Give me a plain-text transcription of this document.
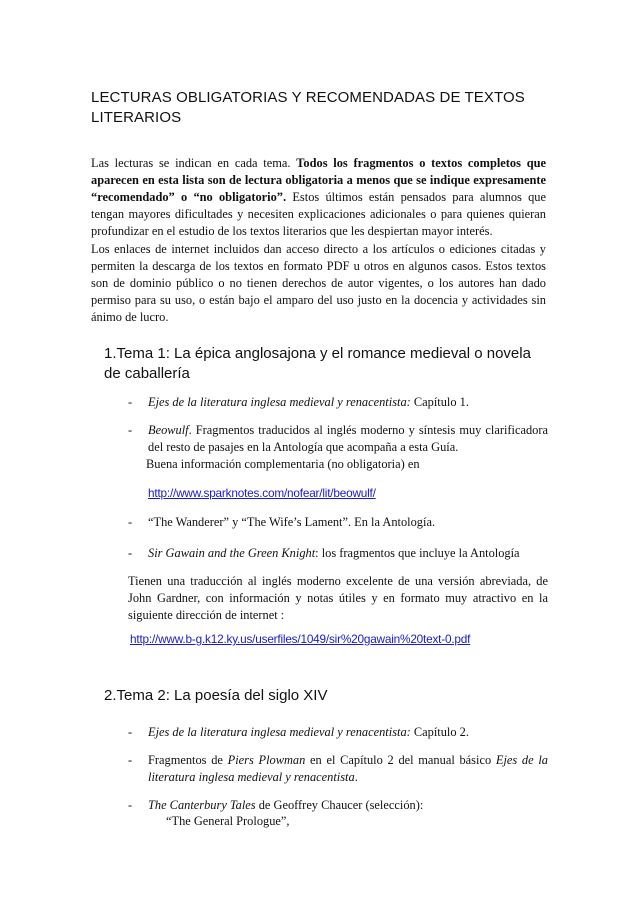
LECTURAS OBLIGATORIAS Y RECOMENDADAS DE TEXTOS LITERARIOS
Las lecturas se indican en cada tema. Todos los fragmentos o textos completos que aparecen en esta lista son de lectura obligatoria a menos que se indique expresamente “recomendado” o “no obligatorio”. Estos últimos están pensados para alumnos que tengan mayores dificultades y necesiten explicaciones adicionales o para quienes quieran profundizar en el estudio de los textos literarios que les despiertan mayor interés.
Los enlaces de internet incluidos dan acceso directo a los artículos o ediciones citadas y permiten la descarga de los textos en formato PDF u otros en algunos casos. Estos textos son de dominio público o no tienen derechos de autor vigentes, o los autores han dado permiso para su uso, o están bajo el amparo del uso justo en la docencia y actividades sin ánimo de lucro.
1.Tema 1: La épica anglosajona y el romance medieval o novela de caballería
- Ejes de la literatura inglesa medieval y renacentista: Capítulo 1.
- Beowulf. Fragmentos traducidos al inglés moderno y síntesis muy clarificadora del resto de pasajes en la Antología que acompaña a esta Guía.
Buena información complementaria (no obligatoria) en
http://www.sparknotes.com/nofear/lit/beowulf/
- “The Wanderer” y “The Wife’s Lament”. En la Antología.
- Sir Gawain and the Green Knight: los fragmentos que incluye la Antología
Tienen una traducción al inglés moderno excelente de una versión abreviada, de John Gardner, con información y notas útiles y en formato muy atractivo en la siguiente dirección de internet :
http://www.b-g.k12.ky.us/userfiles/1049/sir%20gawain%20text-0.pdf
2.Tema 2: La poesía del siglo XIV
- Ejes de la literatura inglesa medieval y renacentista: Capítulo 2.
- Fragmentos de Piers Plowman en el Capítulo 2 del manual básico Ejes de la literatura inglesa medieval y renacentista.
- The Canterbury Tales de Geoffrey Chaucer (selección):
“The General Prologue”,
